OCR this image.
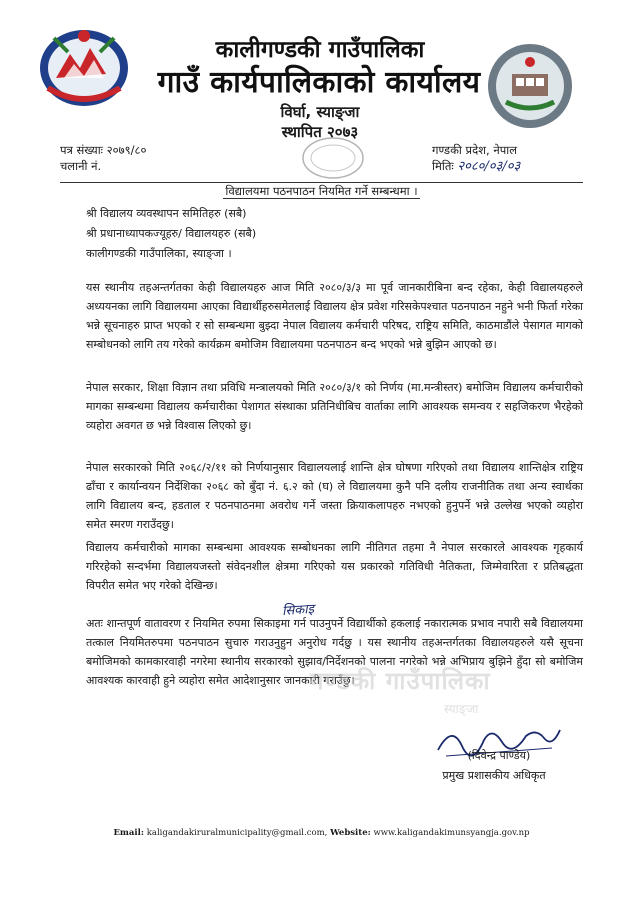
कालीगण्डकी गाउँपालिका
गाउँ कार्यपालिकाको कार्यालय
विर्घा, स्याङ्जा
स्थापित २०७३
पत्र संख्याः २०७९/८०
चलानी नं.
गण्डकी प्रदेश, नेपाल
मितिः २०८०/०३/०३
विद्यालयमा पठनपाठन नियमित गर्ने सम्बन्धमा ।
श्री विद्यालय व्यवस्थापन समितिहरु (सबै)
श्री प्रधानाध्यापकज्यूहरु/ विद्यालयहरु (सबै)
कालीगण्डकी गाउँपालिका, स्याङ्जा ।
यस स्थानीय तहअन्तर्गतका केही विद्यालयहरु आज मिति २०८०/३/३ मा पूर्व जानकारीबिना बन्द रहेका, केही विद्यालयहरुले अध्ययनका लागि विद्यालयमा आएका विद्यार्थीहरुसमेतलाई विद्यालय क्षेत्र प्रवेश गरिसकेपश्चात पठनपाठन नहुने भनी फिर्ता गरेका भन्ने सूचनाहरु प्राप्त भएको र सो सम्बन्धमा बुझ्दा नेपाल विद्यालय कर्मचारी परिषद, राष्ट्रिय समिति, काठमाडौंले पेसागत मागको सम्बोधनको लागि तय गरेको कार्यक्रम बमोजिम विद्यालयमा पठनपाठन बन्द भएको भन्ने बुझिन आएको छ।
नेपाल सरकार, शिक्षा विज्ञान तथा प्रविधि मन्त्रालयको मिति २०८०/३/१ को निर्णय (मा.मन्त्रीस्तर) बमोजिम विद्यालय कर्मचारीको मागका सम्बन्धमा विद्यालय कर्मचारीका पेशागत संस्थाका प्रतिनिधीबिच वार्ताका लागि आवश्यक समन्वय र सहजिकरण भैरहेको व्यहोरा अवगत छ भन्ने विश्वास लिएको छु।
नेपाल सरकारको मिति २०६८/२/११ को निर्णयानुसार विद्यालयलाई शान्ति क्षेत्र घोषणा गरिएको तथा विद्यालय शान्तिक्षेत्र राष्ट्रिय ढाँचा र कार्यान्वयन निर्देशिका २०६८ को बुँदा नं. ६.२ को (घ) ले विद्यालयमा कुनै पनि दलीय राजनीतिक तथा अन्य स्वार्थका लागि विद्यालय बन्द, हडताल र पठनपाठनमा अवरोध गर्ने जस्ता क्रियाकलापहरु नभएको हुनुपर्ने भन्ने उल्लेख भएको व्यहोरा समेत स्मरण गराउँदछु।
विद्यालय कर्मचारीको मागका सम्बन्धमा आवश्यक सम्बोधनका लागि नीतिगत तहमा नै नेपाल सरकारले आवश्यक गृहकार्य गरिरहेको सन्दर्भमा विद्यालयजस्तो संवेदनशील क्षेत्रमा गरिएको यस प्रकारको गतिविधी नैतिकता, जिम्मेवारिता र प्रतिबद्धता विपरीत समेत भए गरेको देखिन्छ।
सिकाइ
अतः शान्तपूर्ण वातावरण र नियमित रुपमा सिकाइमा गर्न पाउनुपर्ने विद्यार्थीको हकलाई नकारात्मक प्रभाव नपारी सबै विद्यालयमा तत्काल नियमितरुपमा पठनपाठन सुचारु गराउनुहुन अनुरोध गर्दछु । यस स्थानीय तहअन्तर्गतका विद्यालयहरुले यसै सूचना बमोजिमको कामकारवाही नगरेमा स्थानीय सरकारको सुझाव/निर्देशनको पालना नगरेको भन्ने अभिप्राय बुझिने हुँदा सो बमोजिम आवश्यक कारवाही हुने व्यहोरा समेत आदेशानुसार जानकारी गराउँछु।
गण्डकी गाउँपालिका
स्याङ्जा
(दिवेन्द्र पाण्डेय)
प्रमुख प्रशासकीय अधिकृत
Email: kaligandakiruralmunicipality@gmail.com, Website: www.kaligandakimunsyangja.gov.np
